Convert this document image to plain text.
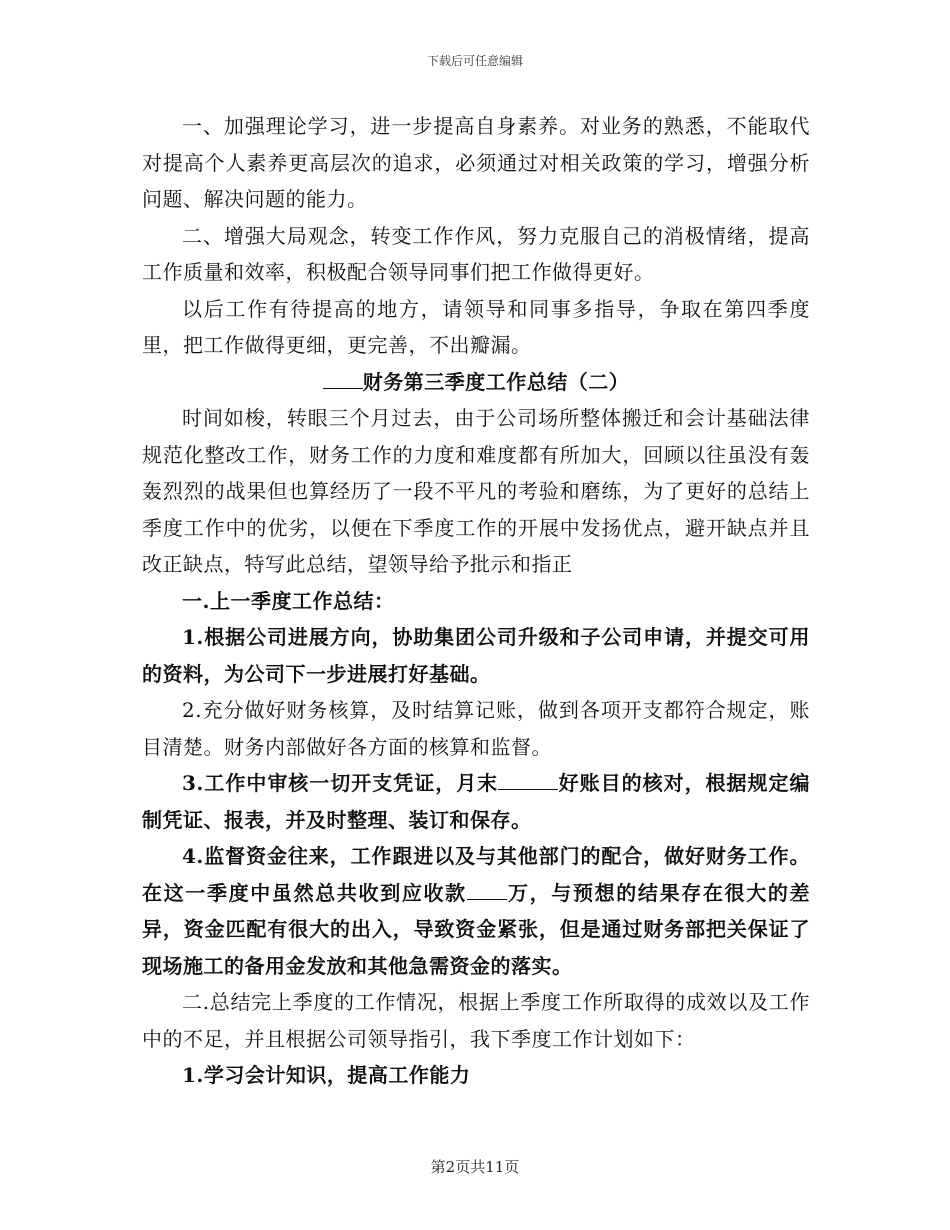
下载后可任意编辑

一、加强理论学习，进一步提高自身素养。对业务的熟悉，不能取代对提高个人素养更高层次的追求，必须通过对相关政策的学习，增强分析问题、解决问题的能力。

二、增强大局观念，转变工作作风，努力克服自己的消极情绪，提高工作质量和效率，积极配合领导同事们把工作做得更好。

以后工作有待提高的地方，请领导和同事多指导，争取在第四季度里，把工作做得更细，更完善，不出瓣漏。

财务第三季度工作总结（二）

时间如梭，转眼三个月过去，由于公司场所整体搬迁和会计基础法律规范化整改工作，财务工作的力度和难度都有所加大，回顾以往虽没有轰轰烈烈的战果但也算经历了一段不平凡的考验和磨练，为了更好的总结上季度工作中的优劣，以便在下季度工作的开展中发扬优点，避开缺点并且改正缺点，特写此总结，望领导给予批示和指正

一.上一季度工作总结：

1.根据公司进展方向，协助集团公司升级和子公司申请，并提交可用的资料，为公司下一步进展打好基础。

2.充分做好财务核算，及时结算记账，做到各项开支都符合规定，账目清楚。财务内部做好各方面的核算和监督。

3.工作中审核一切开支凭证，月末	好账目的核对，根据规定编制凭证、报表，并及时整理、装订和保存。

4.监督资金往来，工作跟进以及与其他部门的配合，做好财务工作。在这一季度中虽然总共收到应收款 万，与预想的结果存在很大的差异，资金匹配有很大的出入，导致资金紧张，但是通过财务部把关保证了现场施工的备用金发放和其他急需资金的落实。

二.总结完上季度的工作情况，根据上季度工作所取得的成效以及工作中的不足，并且根据公司领导指引，我下季度工作计划如下：

1.学习会计知识，提高工作能力

第2页共11页
